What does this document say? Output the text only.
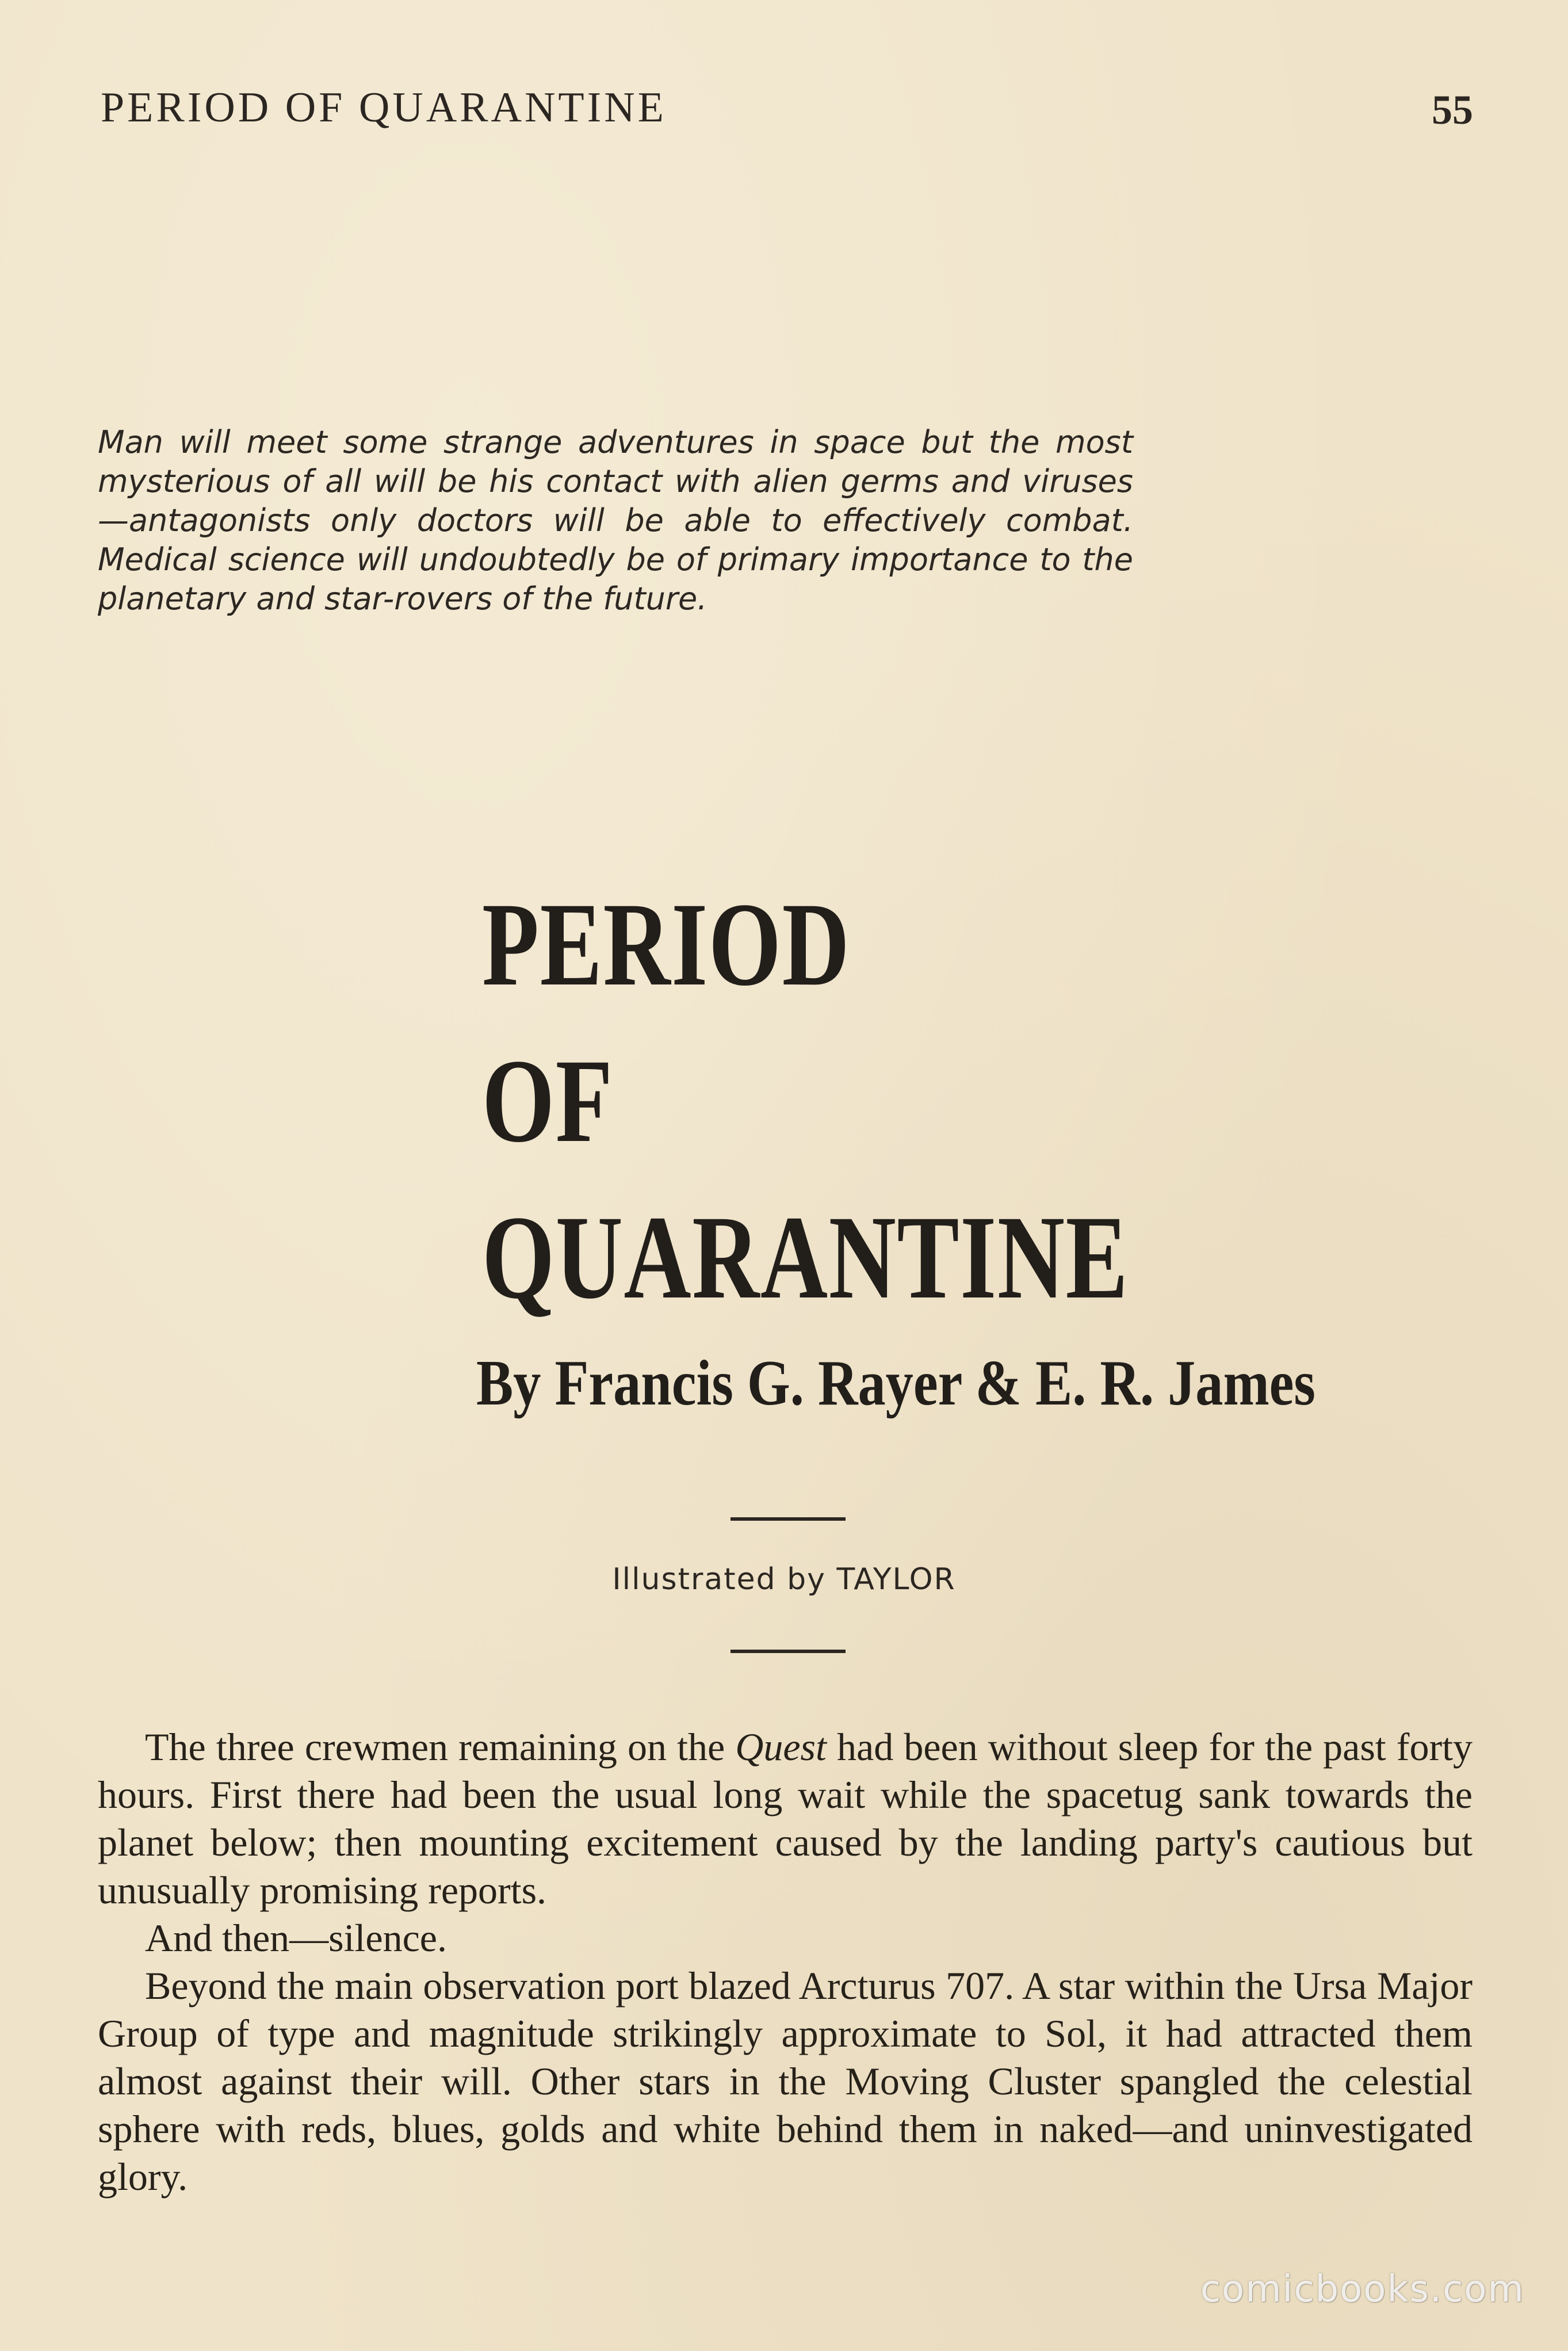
PERIOD OF QUARANTINE	55
Man will meet some strange adventures in space but the most mysterious of all will be his contact with alien germs and viruses—antagonists only doctors will be able to effectively combat. Medical science will undoubtedly be of primary importance to the planetary and star-rovers of the future.
PERIOD
OF
QUARANTINE
By Francis G. Rayer & E. R. James
Illustrated by TAYLOR

The three crewmen remaining on the Quest had been without sleep for the past forty hours. First there had been the usual long wait while the spacetug sank towards the planet below; then mounting excitement caused by the landing party's cautious but unusually promising reports.

And then—silence.

Beyond the main observation port blazed Arcturus 707. A star within the Ursa Major Group of type and magnitude strikingly approximate to Sol, it had attracted them almost against their will. Other stars in the Moving Cluster spangled the celestial sphere with reds, blues, golds and white behind them in naked—and uninvestigated glory.

comicbooks.com
